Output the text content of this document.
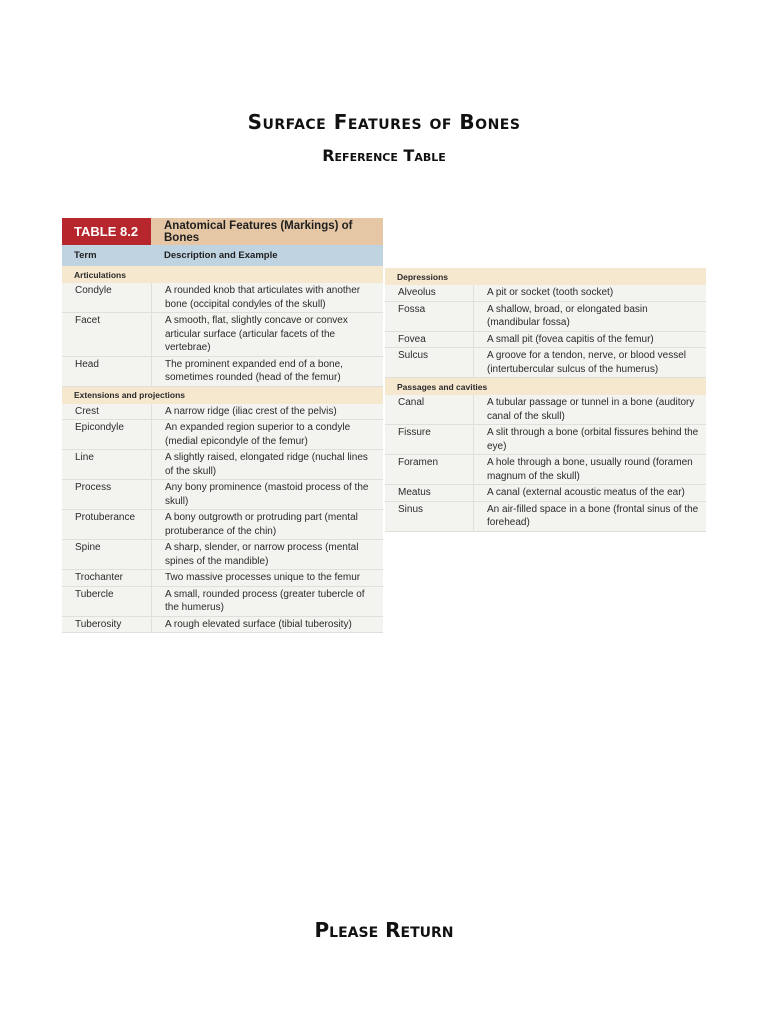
Surface Features of Bones
Reference Table
TABLE 8.2	Anatomical Features (Markings) of Bones
Term	Description and Example
Articulations
Condyle	A rounded knob that articulates with another bone (occipital condyles of the skull)
Facet	A smooth, flat, slightly concave or convex articular surface (articular facets of the vertebrae)
Head	The prominent expanded end of a bone, sometimes rounded (head of the femur)
Extensions and projections
Crest	A narrow ridge (iliac crest of the pelvis)
Epicondyle	An expanded region superior to a condyle (medial epicondyle of the femur)
Line	A slightly raised, elongated ridge (nuchal lines of the skull)
Process	Any bony prominence (mastoid process of the skull)
Protuberance	A bony outgrowth or protruding part (mental protuberance of the chin)
Spine	A sharp, slender, or narrow process (mental spines of the mandible)
Trochanter	Two massive processes unique to the femur
Tubercle	A small, rounded process (greater tubercle of the humerus)
Tuberosity	A rough elevated surface (tibial tuberosity)
Depressions
Alveolus	A pit or socket (tooth socket)
Fossa	A shallow, broad, or elongated basin (mandibular fossa)
Fovea	A small pit (fovea capitis of the femur)
Sulcus	A groove for a tendon, nerve, or blood vessel (intertubercular sulcus of the humerus)
Passages and cavities
Canal	A tubular passage or tunnel in a bone (auditory canal of the skull)
Fissure	A slit through a bone (orbital fissures behind the eye)
Foramen	A hole through a bone, usually round (foramen magnum of the skull)
Meatus	A canal (external acoustic meatus of the ear)
Sinus	An air-filled space in a bone (frontal sinus of the forehead)
Please Return
